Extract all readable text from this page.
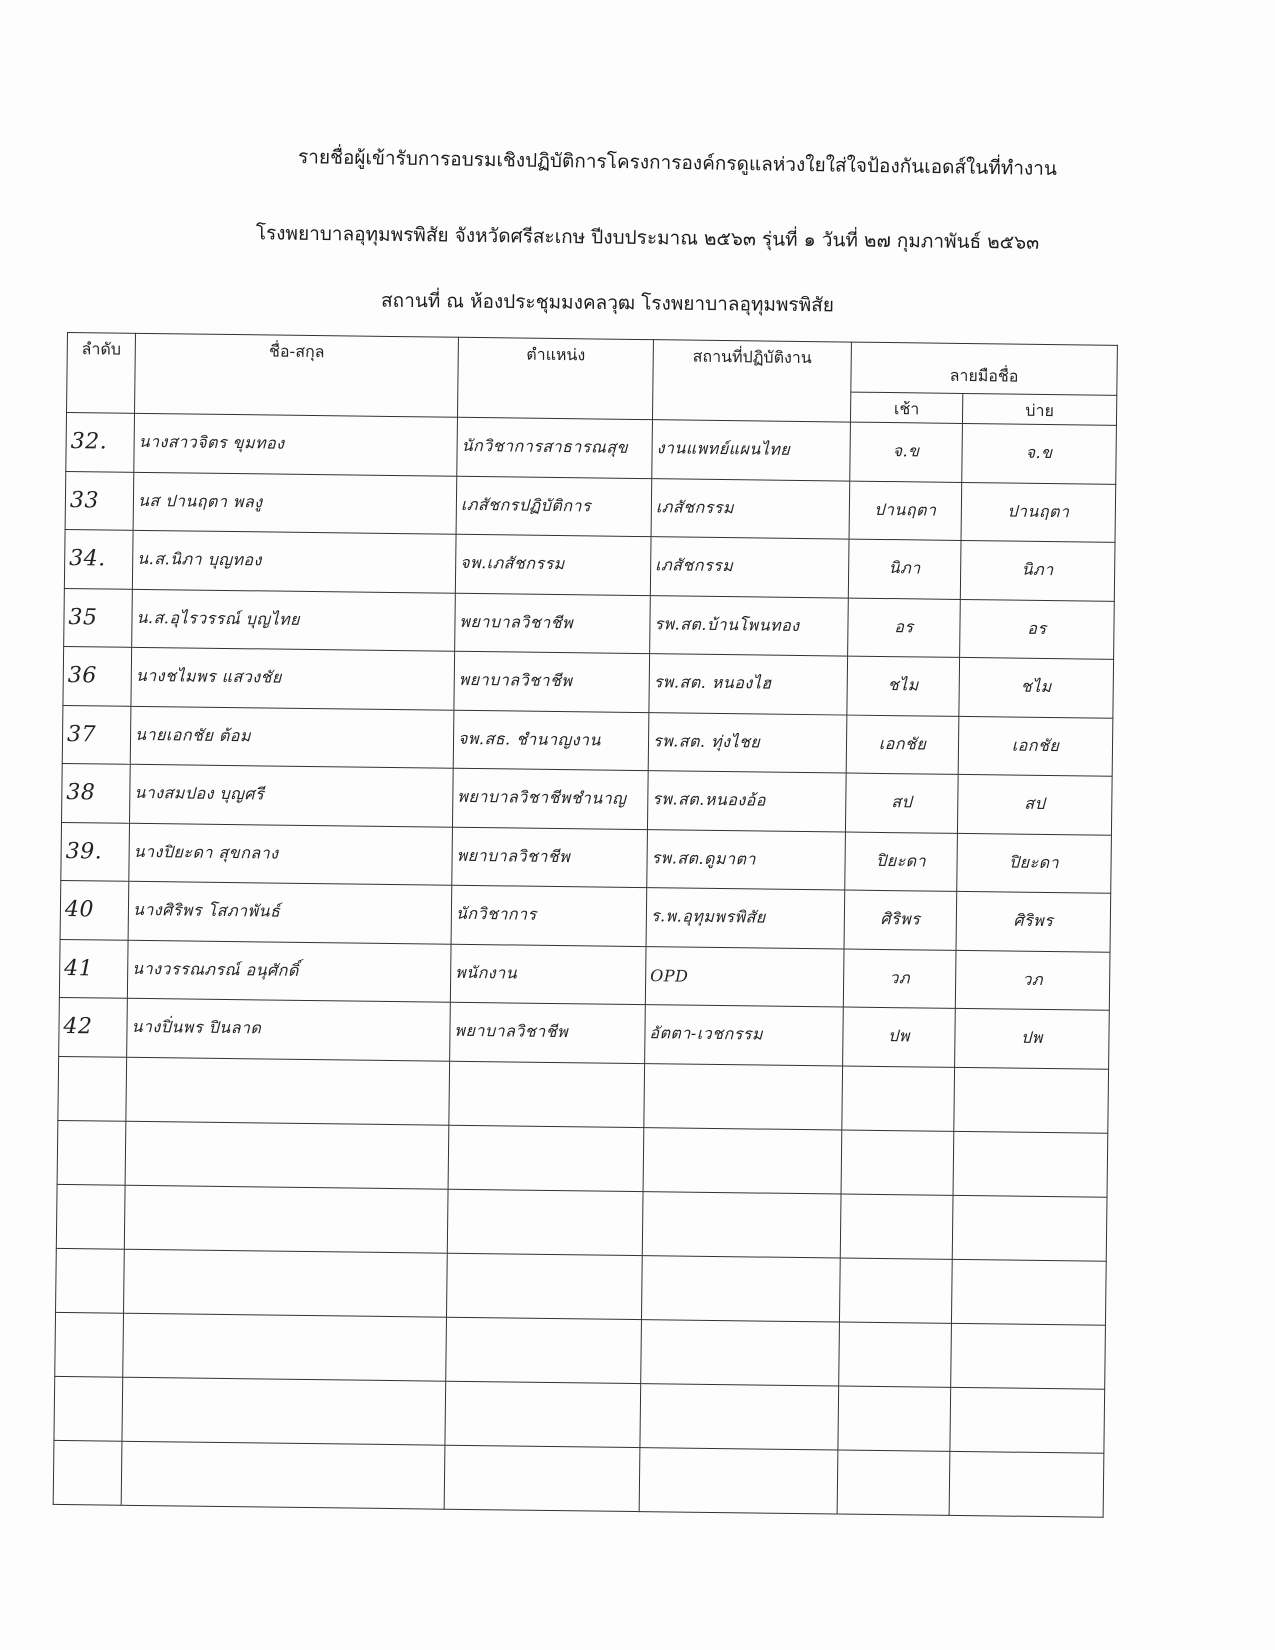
รายชื่อผู้เข้ารับการอบรมเชิงปฏิบัติการโครงการองค์กรดูแลห่วงใยใส่ใจป้องกันเอดส์ในที่ทำงาน
โรงพยาบาลอุทุมพรพิสัย จังหวัดศรีสะเกษ ปีงบประมาณ ๒๕๖๓ รุ่นที่ ๑ วันที่ ๒๗ กุมภาพันธ์ ๒๕๖๓
สถานที่ ณ ห้องประชุมมงคลวุฒ โรงพยาบาลอุทุมพรพิสัย
ลำดับ	ชื่อ-สกุล	ตำแหน่ง	สถานที่ปฏิบัติงาน	ลายมือชื่อ	
				เช้า	บ่าย
32.	นางสาวจิตร ขุมทอง	นักวิชาการสาธารณสุข	งานแพทย์แผนไทย	จ.ข	จ.ข
33	นส ปานฤตา พลงู	เภสัชกรปฏิบัติการ	เภสัชกรรม	ปานฤตา	ปานฤตา
34.	น.ส.นิภา บุญทอง	จพ.เภสัชกรรม	เภสัชกรรม	นิภา	นิภา
35	น.ส.อุไรวรรณ์ บุญไทย	พยาบาลวิชาชีพ	รพ.สต.บ้านโพนทอง	อร	อร
36	นางชไมพร แสวงชัย	พยาบาลวิชาชีพ	รพ.สต. หนองไฮ	ชไม	ชไม
37	นายเอกชัย ต้อม	จพ.สธ. ชำนาญงาน	รพ.สต. ทุ่งไชย	เอกชัย	เอกชัย
38	นางสมปอง บุญศรี	พยาบาลวิชาชีพชำนาญ	รพ.สต.หนองอ้อ	สป	สป
39.	นางปิยะดา สุขกลาง	พยาบาลวิชาชีพ	รพ.สต.ดูมาตา	ปิยะดา	ปิยะดา
40	นางศิริพร โสภาพันธ์	นักวิชาการ	ร.พ.อุทุมพรพิสัย	ศิริพร	ศิริพร
41	นางวรรณภรณ์ อนุศักดิ์	พนักงาน	OPD	วภ	วภ
42	นางปิ่นพร ปินลาด	พยาบาลวิชาชีพ	อัตตา-เวชกรรม	ปพ	ปพ
